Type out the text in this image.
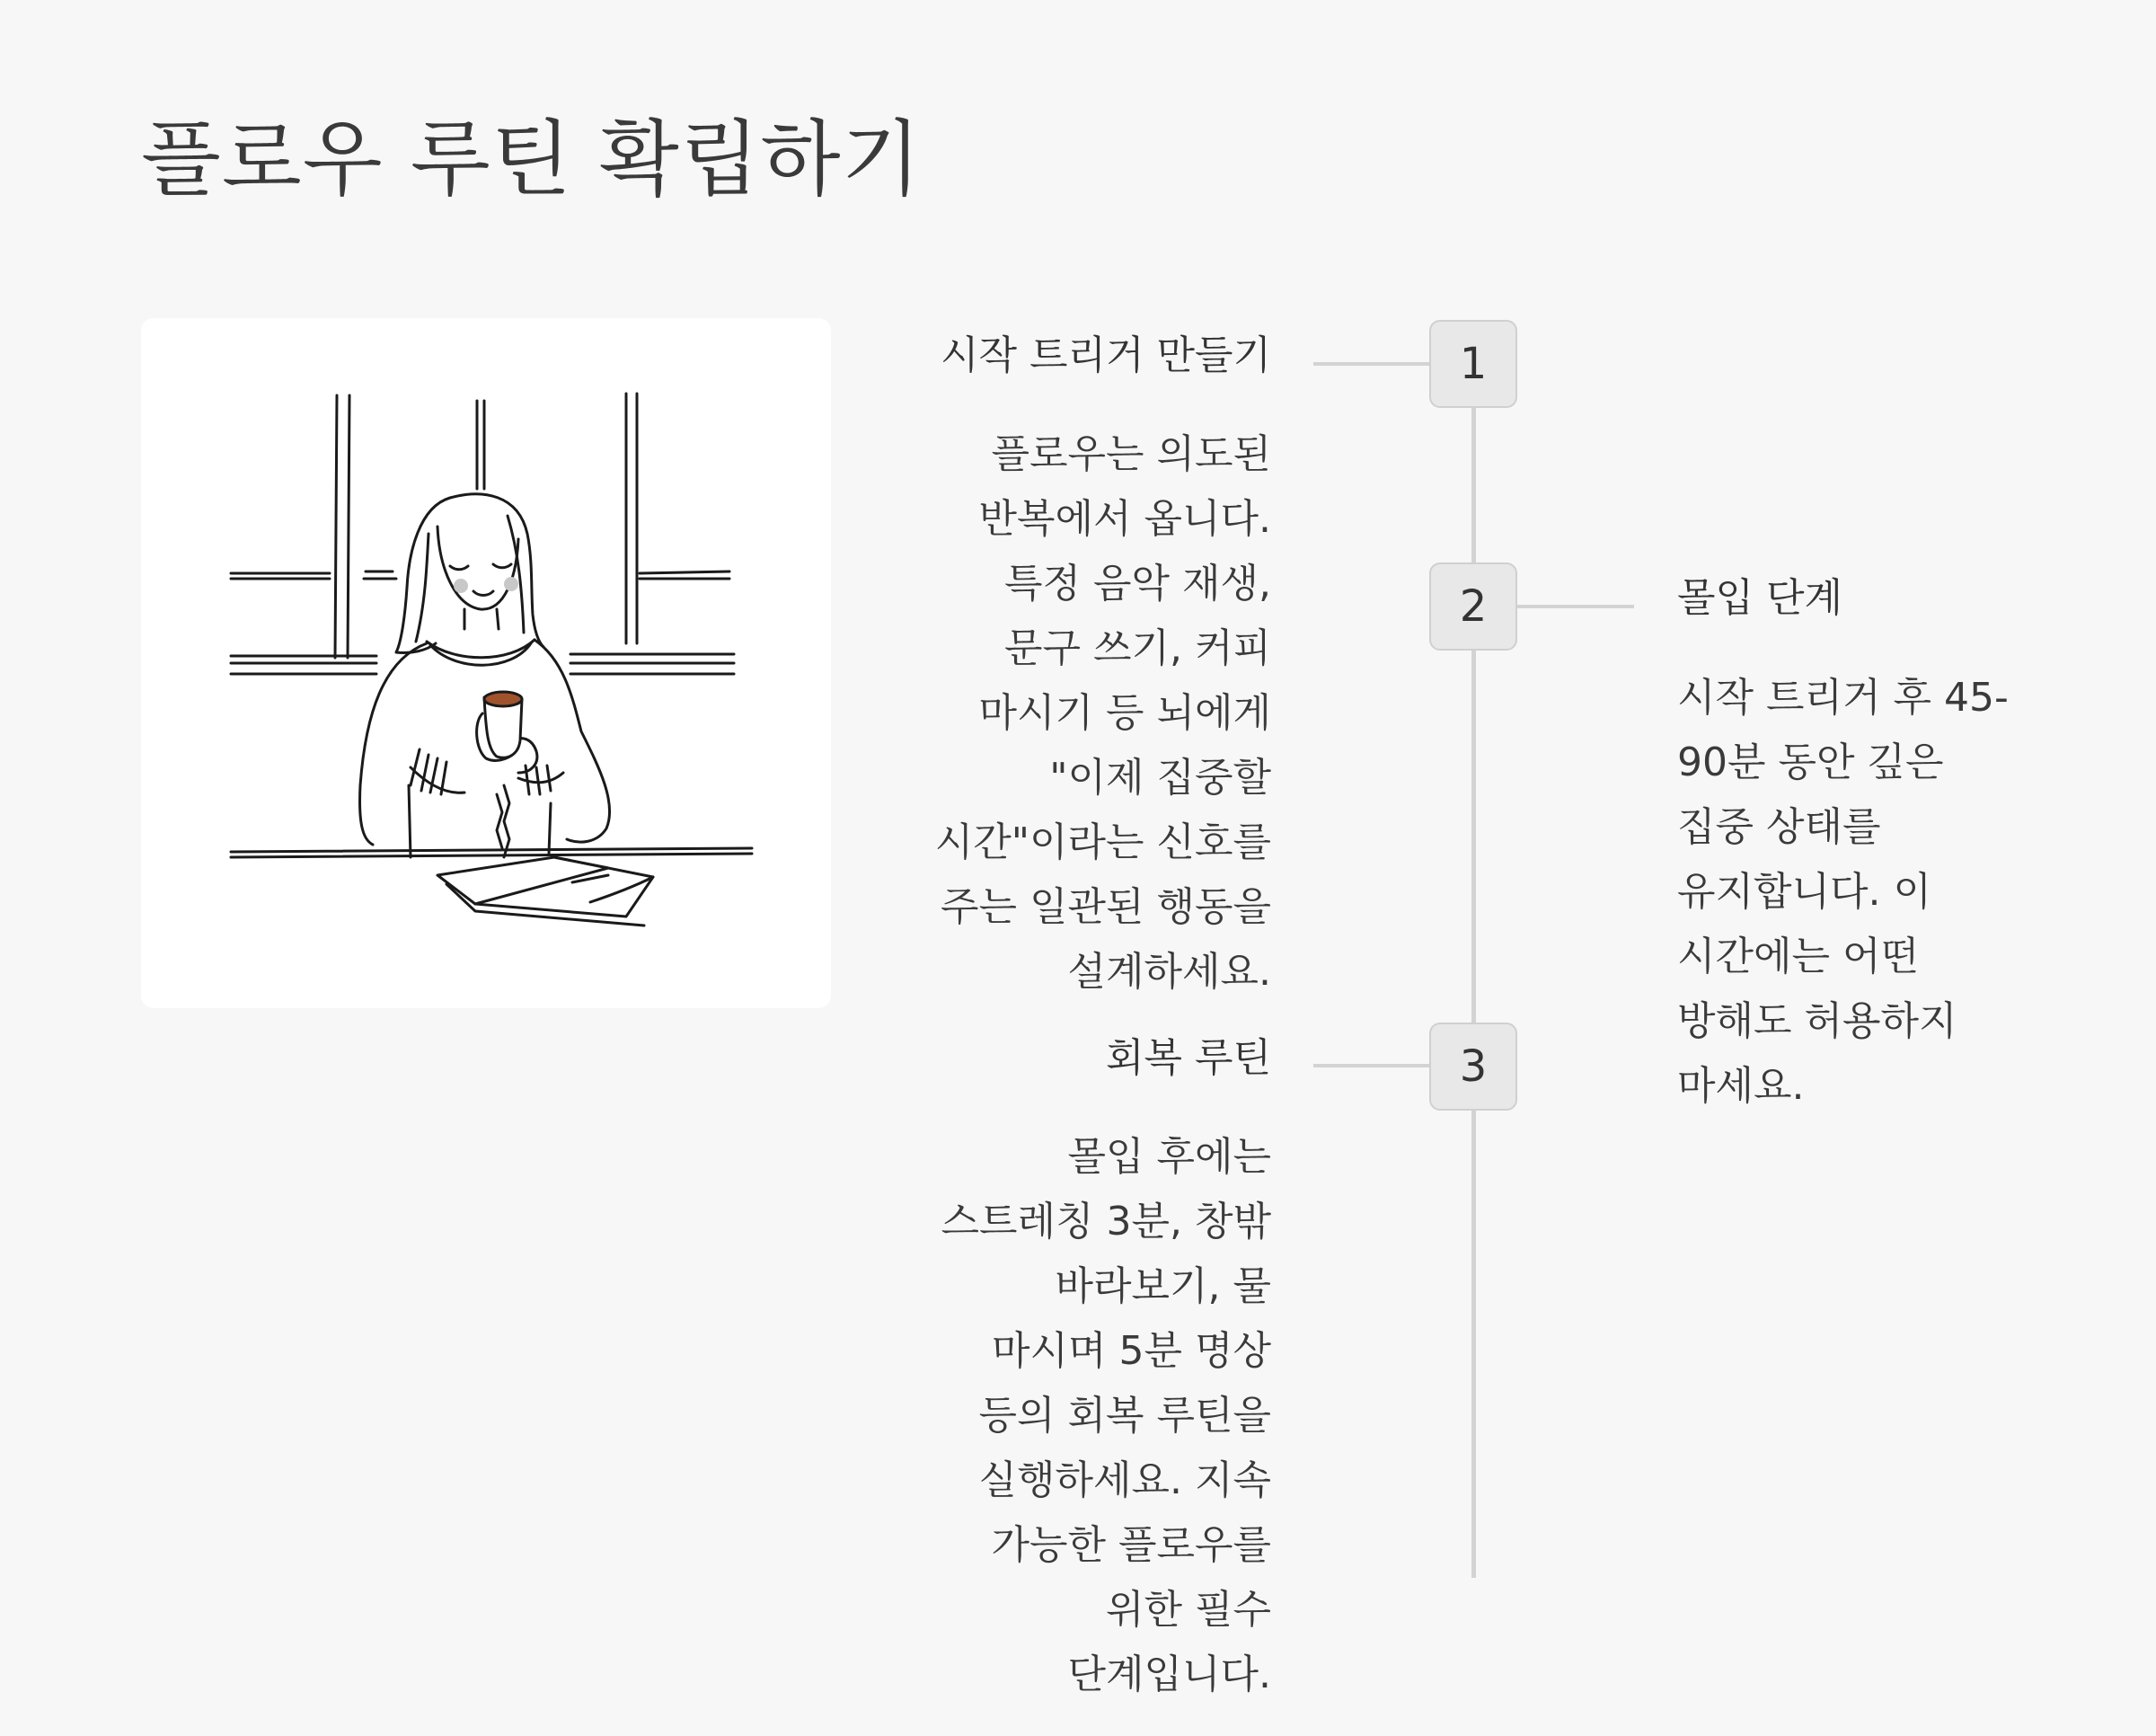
플로우 루틴 확립하기
1
시작 트리거 만들기
플로우는 의도된 반복에서 옵니다. 특정 음악 재생, 문구 쓰기, 커피 마시기 등 뇌에게 "이제 집중할 시간"이라는 신호를 주는 일관된 행동을 설계하세요.
2	몰입 단계
시작 트리거 후 45-90분 동안 깊은 집중 상태를 유지합니다. 이 시간에는 어떤 방해도 허용하지 마세요.
3
회복 루틴
몰입 후에는 스트레칭 3분, 창밖 바라보기, 물 마시며 5분 명상 등의 회복 루틴을 실행하세요. 지속 가능한 플로우를 위한 필수 단계입니다.
